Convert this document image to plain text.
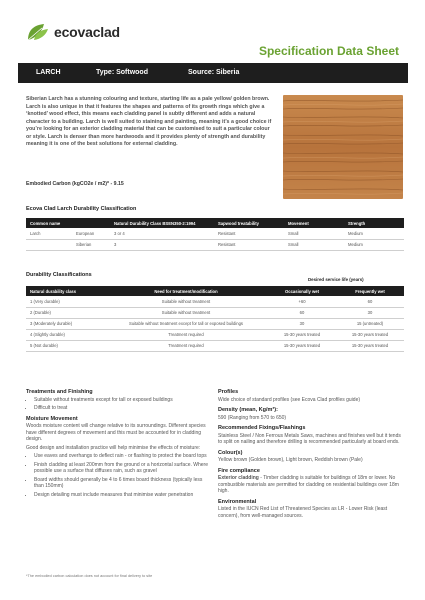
ecovaclad
Specification Data Sheet
LARCH	Type: Softwood	Source: Siberia

Siberian Larch has a stunning colouring and texture, starting life as a pale yellow/ golden brown. Larch is also unique in that it features the shapes and patterns of its growth rings which give a ‘knotted’ wood effect, this means each cladding panel is subtly different and adds a natural character to a building. Larch is well suited to staining and painting, meaning it’s a good choice if you’re looking for an exterior cladding material that can be customised to suit a particular colour or style. Larch is denser than more hardwoods and it provides plenty of strength and durability meaning it is one of the best solutions for external cladding.

Embodied Carbon (kgCO2e / m2)* - 9.15
Ecova Clad Larch Durability Classification
Common name		Natural Durability Class BSEN350-2:1994	Sapwood treatability	Movement	Strength
Larch	European	3 or 4	Resistant	Small	Medium
	Siberian	3	Resistant	Small	Medium
Durability Classifications
Desired service life (years)
Natural durability class	Need for treatment/modification	Occasionally wet	Frequently wet
1 (Very durable)	Suitable without treatment	+60	60
2 (Durable)	Suitable without treatment	60	30
3 (Moderately durable)	Suitable without treatment except for tall or exposed buildings	30	15 (untreated)
4 (Slightly durable)	Treatment required	15-30 years treated	15-30 years treated
5 (Not durable)	Treatment required	15-30 years treated	15-30 years treated
Treatments and Finishing
• Suitable without treatments except for tall or exposed buildings
• Difficult to treat
Moisture Movement

Woods moisture content will change relative to its surroundings. Different species have different degrees of movement and this must be accounted for in cladding design.

Good design and installation practice will help minimise the effects of moisture:

• Use eaves and overhangs to deflect rain - or flashing to protect the board tops
• Finish cladding at least 200mm from the ground or a horizontal surface. Where possible use a surface that diffuses rain, such as gravel
• Board widths should generally be 4 to 6 times board thickness (typically less than 150mm)
• Design detailing must include measures that minimise water penetration
Profiles

Wide choice of standard profiles (see Ecova Clad profiles guide)

Density (mean, Kg/m³):

590 (Ranging from 570 to 650)

Recommended Fixings/Flashings

Stainless Steel / Non Ferrous Metals Saws, machines and finishes well but it tends to split on nailing and therefore drilling is recommended particularly at board ends.

Colour(s)

Yellow brown (Golden brown), Light brown, Reddish brown (Pale)

Fire compliance

Exterior cladding - Timber cladding is suitable for buildings of 18m or lower. No combustible materials are permitted for cladding on residential buildings over 18m high.

Environmental

Listed in the IUCN Red List of Threatened Species as LR - Lower Risk (least concern), from well-managed sources.

*The embodied carbon calculation does not account for final delivery to site
